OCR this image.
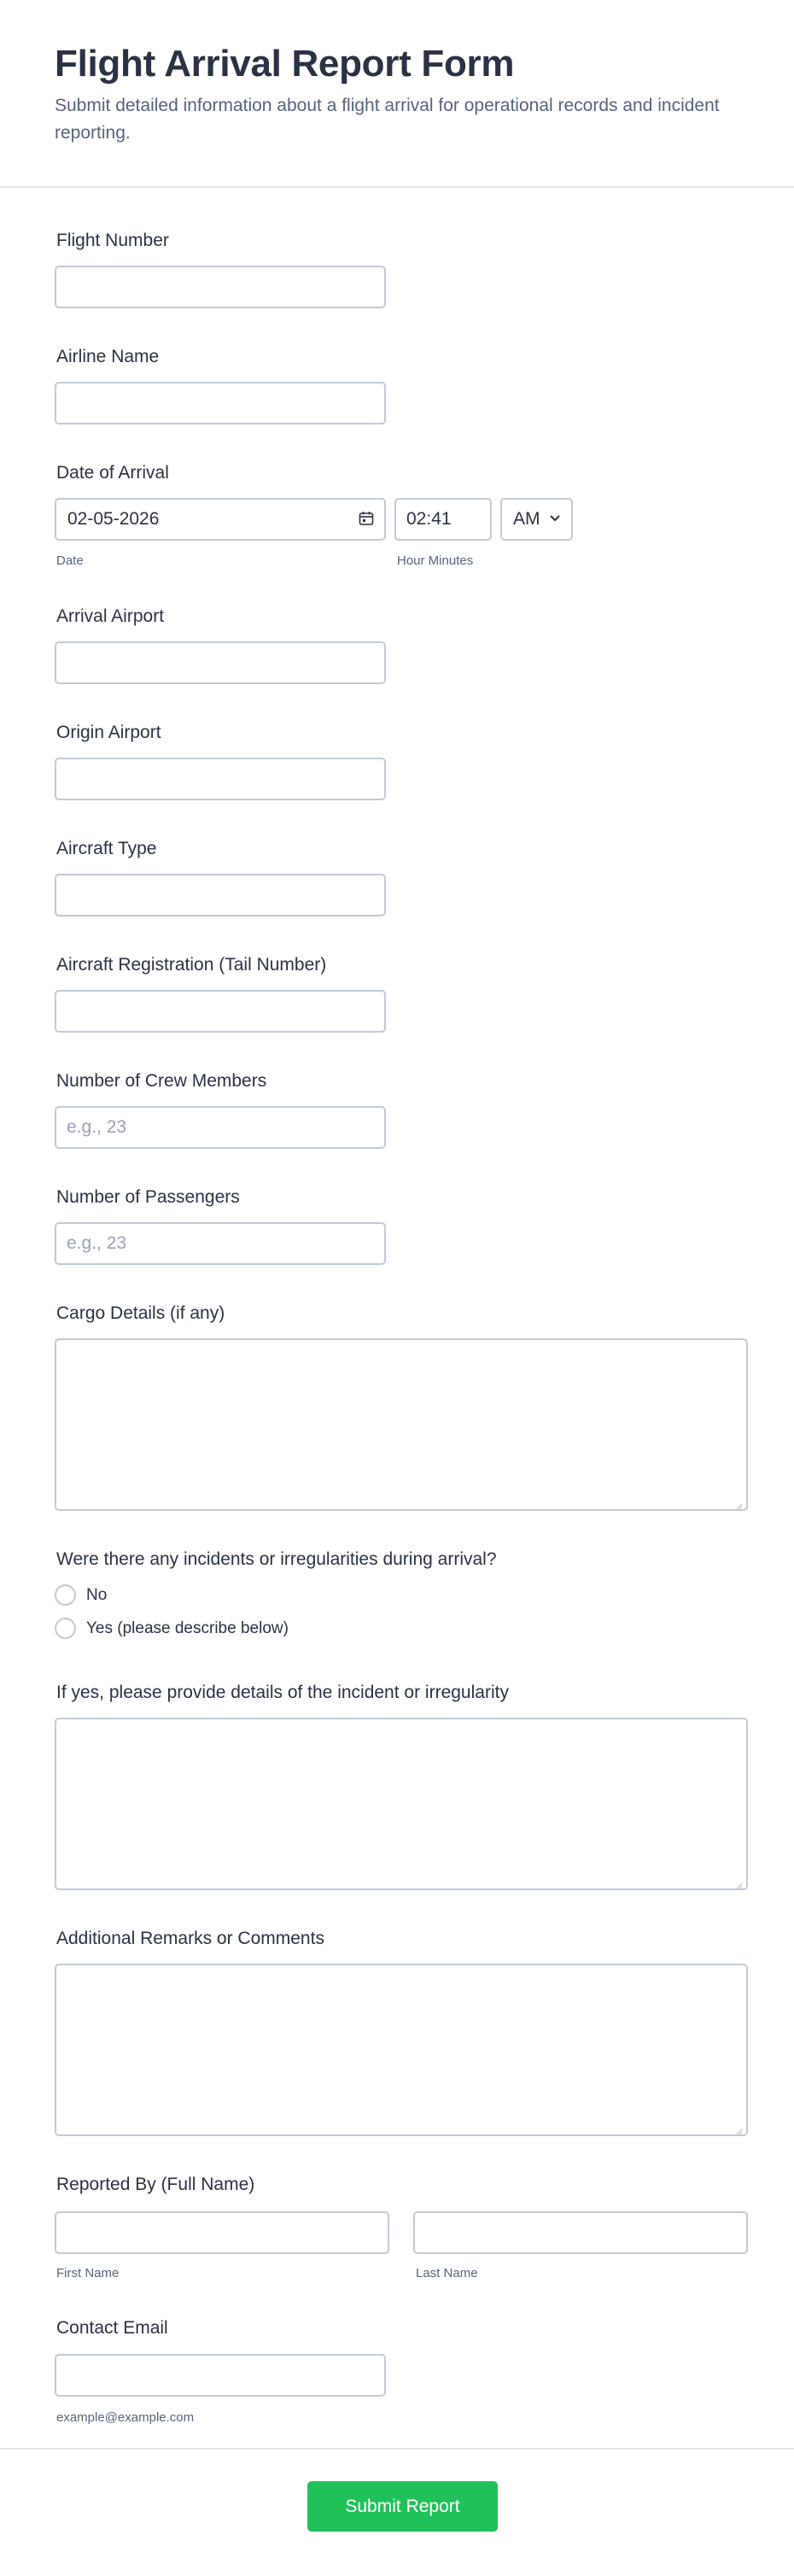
Flight Arrival Report Form

Submit detailed information about a flight arrival for operational records and incident reporting.

Flight Number
Airline Name
Date of Arrival
02-05-2026	02:41	AM
Date	Hour Minutes
Arrival Airport
Origin Airport
Aircraft Type
Aircraft Registration (Tail Number)
Number of Crew Members
e.g., 23
Number of Passengers
e.g., 23
Cargo Details (if any)
Were there any incidents or irregularities during arrival?
No
Yes (please describe below)
If yes, please provide details of the incident or irregularity
Additional Remarks or Comments
Reported By (Full Name)
First Name	Last Name
Contact Email
example@example.com
Submit Report
